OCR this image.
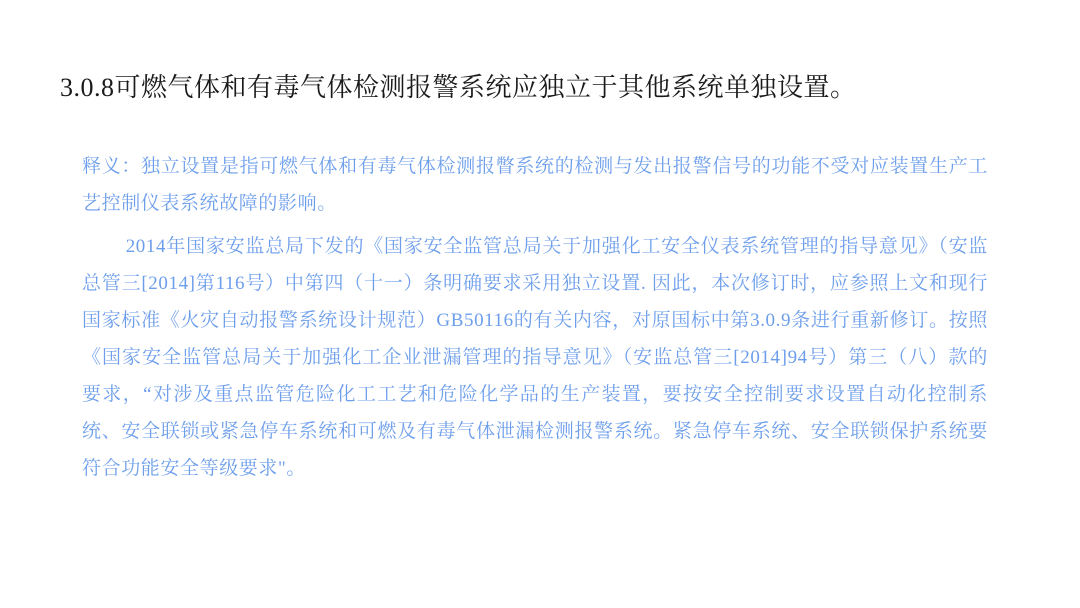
3.0.8可燃气体和有毒气体检测报警系统应独立于其他系统单独设置。

释义：独立设置是指可燃气体和有毒气体检测报瞥系统的检测与发出报警信号的功能不受对应装置生产工艺控制仪表系统故障的影响。

2014年国家安监总局下发的《国家安全监管总局关于加强化工安全仪表系统管理的指导意见》（安监总管三[2014]第116号）中第四（十一）条明确要求采用独立设置. 因此，本次修订时，应参照上文和现行国家标准《火灾自动报警系统设计规范）GB50116的有关内容，对原国标中第3.0.9条进行重新修订。按照《国家安全监管总局关于加强化工企业泄漏管理的指导意见》（安监总管三[2014]94号）第三（八）款的要求，“对涉及重点监管危险化工工艺和危险化学品的生产装置，要按安全控制要求设置自动化控制系统、安全联锁或紧急停车系统和可燃及有毒气体泄漏检测报警系统。紧急停车系统、安全联锁保护系统要符合功能安全等级要求"。
